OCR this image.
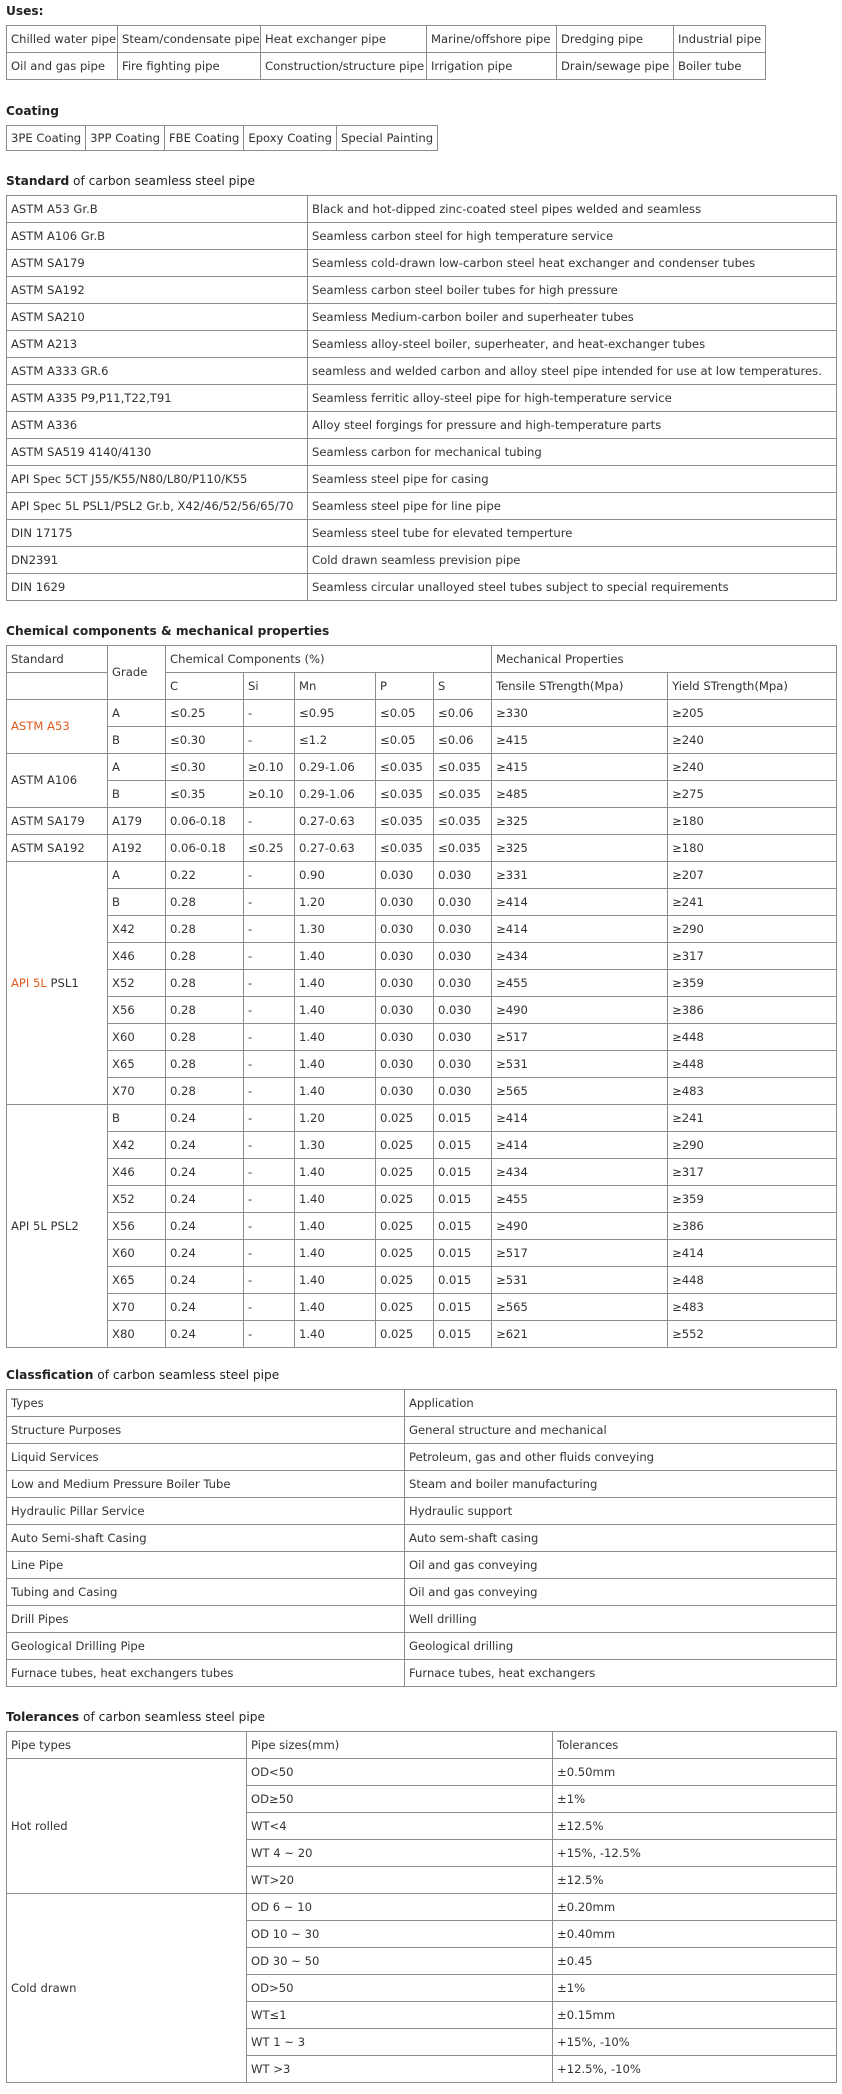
Uses:
Chilled water pipe	Steam/condensate pipe	Heat exchanger pipe	Marine/offshore pipe	Dredging pipe	Industrial pipe
Oil and gas pipe	Fire fighting pipe	Construction/structure pipe	Irrigation pipe	Drain/sewage pipe	Boiler tube
Coating
3PE Coating	3PP Coating	FBE Coating	Epoxy Coating	Special Painting
Standard of carbon seamless steel pipe
ASTM A53 Gr.B	Black and hot-dipped zinc-coated steel pipes welded and seamless
ASTM A106 Gr.B	Seamless carbon steel for high temperature service
ASTM SA179	Seamless cold-drawn low-carbon steel heat exchanger and condenser tubes
ASTM SA192	Seamless carbon steel boiler tubes for high pressure
ASTM SA210	Seamless Medium-carbon boiler and superheater tubes
ASTM A213	Seamless alloy-steel boiler, superheater, and heat-exchanger tubes
ASTM A333 GR.6	seamless and welded carbon and alloy steel pipe intended for use at low temperatures.
ASTM A335 P9,P11,T22,T91	Seamless ferritic alloy-steel pipe for high-temperature service
ASTM A336	Alloy steel forgings for pressure and high-temperature parts
ASTM SA519 4140/4130	Seamless carbon for mechanical tubing
API Spec 5CT J55/K55/N80/L80/P110/K55	Seamless steel pipe for casing
API Spec 5L PSL1/PSL2 Gr.b, X42/46/52/56/65/70	Seamless steel pipe for line pipe
DIN 17175	Seamless steel tube for elevated temperture
DN2391	Cold drawn seamless prevision pipe
DIN 1629	Seamless circular unalloyed steel tubes subject to special requirements
Chemical components & mechanical properties
Standard	Grade	Chemical Components (%)					Mechanical Properties	
		C	Si	Mn	P	S	Tensile STrength(Mpa)	Yield STrength(Mpa)
ASTM A53	A	≤0.25	-	≤0.95	≤0.05	≤0.06	≥330	≥205
	B	≤0.30	-	≤1.2	≤0.05	≤0.06	≥415	≥240
ASTM A106	A	≤0.30	≥0.10	0.29-1.06	≤0.035	≤0.035	≥415	≥240
	B	≤0.35	≥0.10	0.29-1.06	≤0.035	≤0.035	≥485	≥275
ASTM SA179	A179	0.06-0.18	-	0.27-0.63	≤0.035	≤0.035	≥325	≥180
ASTM SA192	A192	0.06-0.18	≤0.25	0.27-0.63	≤0.035	≤0.035	≥325	≥180
API 5L PSL1	A	0.22	-	0.90	0.030	0.030	≥331	≥207
	B	0.28	-	1.20	0.030	0.030	≥414	≥241
	X42	0.28	-	1.30	0.030	0.030	≥414	≥290
	X46	0.28	-	1.40	0.030	0.030	≥434	≥317
	X52	0.28	-	1.40	0.030	0.030	≥455	≥359
	X56	0.28	-	1.40	0.030	0.030	≥490	≥386
	X60	0.28	-	1.40	0.030	0.030	≥517	≥448
	X65	0.28	-	1.40	0.030	0.030	≥531	≥448
	X70	0.28	-	1.40	0.030	0.030	≥565	≥483
API 5L PSL2	B	0.24	-	1.20	0.025	0.015	≥414	≥241
	X42	0.24	-	1.30	0.025	0.015	≥414	≥290
	X46	0.24	-	1.40	0.025	0.015	≥434	≥317
	X52	0.24	-	1.40	0.025	0.015	≥455	≥359
	X56	0.24	-	1.40	0.025	0.015	≥490	≥386
	X60	0.24	-	1.40	0.025	0.015	≥517	≥414
	X65	0.24	-	1.40	0.025	0.015	≥531	≥448
	X70	0.24	-	1.40	0.025	0.015	≥565	≥483
	X80	0.24	-	1.40	0.025	0.015	≥621	≥552
Classfication of carbon seamless steel pipe
Types	Application
Structure Purposes	General structure and mechanical
Liquid Services	Petroleum, gas and other fluids conveying
Low and Medium Pressure Boiler Tube	Steam and boiler manufacturing
Hydraulic Pillar Service	Hydraulic support
Auto Semi-shaft Casing	Auto sem-shaft casing
Line Pipe	Oil and gas conveying
Tubing and Casing	Oil and gas conveying
Drill Pipes	Well drilling
Geological Drilling Pipe	Geological drilling
Furnace tubes, heat exchangers tubes	Furnace tubes, heat exchangers
Tolerances of carbon seamless steel pipe
Pipe types	Pipe sizes(mm)	Tolerances
Hot rolled	OD<50	±0.50mm
	OD≥50	±1%
	WT<4	±12.5%
	WT 4 ~ 20	+15%, -12.5%
	WT>20	±12.5%
Cold drawn	OD 6 ~ 10	±0.20mm
	OD 10 ~ 30	±0.40mm
	OD 30 ~ 50	±0.45
	OD>50	±1%
	WT≤1	±0.15mm
	WT 1 ~ 3	+15%, -10%
	WT >3	+12.5%, -10%
